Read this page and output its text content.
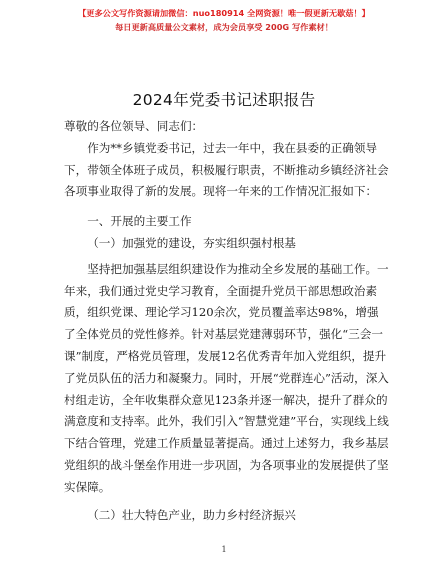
【更多公文写作资源请加微信：nuo180914 全网资源！唯一假更新无歇菇！】
每日更新高质量公文素材，成为会员享受 200G 写作素材！
2024年党委书记述职报告

尊敬的各位领导、同志们：

作为**乡镇党委书记，过去一年中，我在县委的正确领导下，带领全体班子成员，积极履行职责，不断推动乡镇经济社会各项事业取得了新的发展。现将一年来的工作情况汇报如下：

一、开展的主要工作

（一）加强党的建设，夯实组织强村根基

坚持把加强基层组织建设作为推动全乡发展的基础工作。一年来，我们通过党史学习教育，全面提升党员干部思想政治素质，组织党课、理论学习120余次，党员覆盖率达98%，增强了全体党员的党性修养。针对基层党建薄弱环节，强化“三会一课”制度，严格党员管理，发展12名优秀青年加入党组织，提升了党员队伍的活力和凝聚力。同时，开展“党群连心”活动，深入村组走访，全年收集群众意见123条并逐一解决，提升了群众的满意度和支持率。此外，我们引入“智慧党建”平台，实现线上线下结合管理，党建工作质量显著提高。通过上述努力，我乡基层党组织的战斗堡垒作用进一步巩固，为各项事业的发展提供了坚实保障。

（二）壮大特色产业，助力乡村经济振兴

1
